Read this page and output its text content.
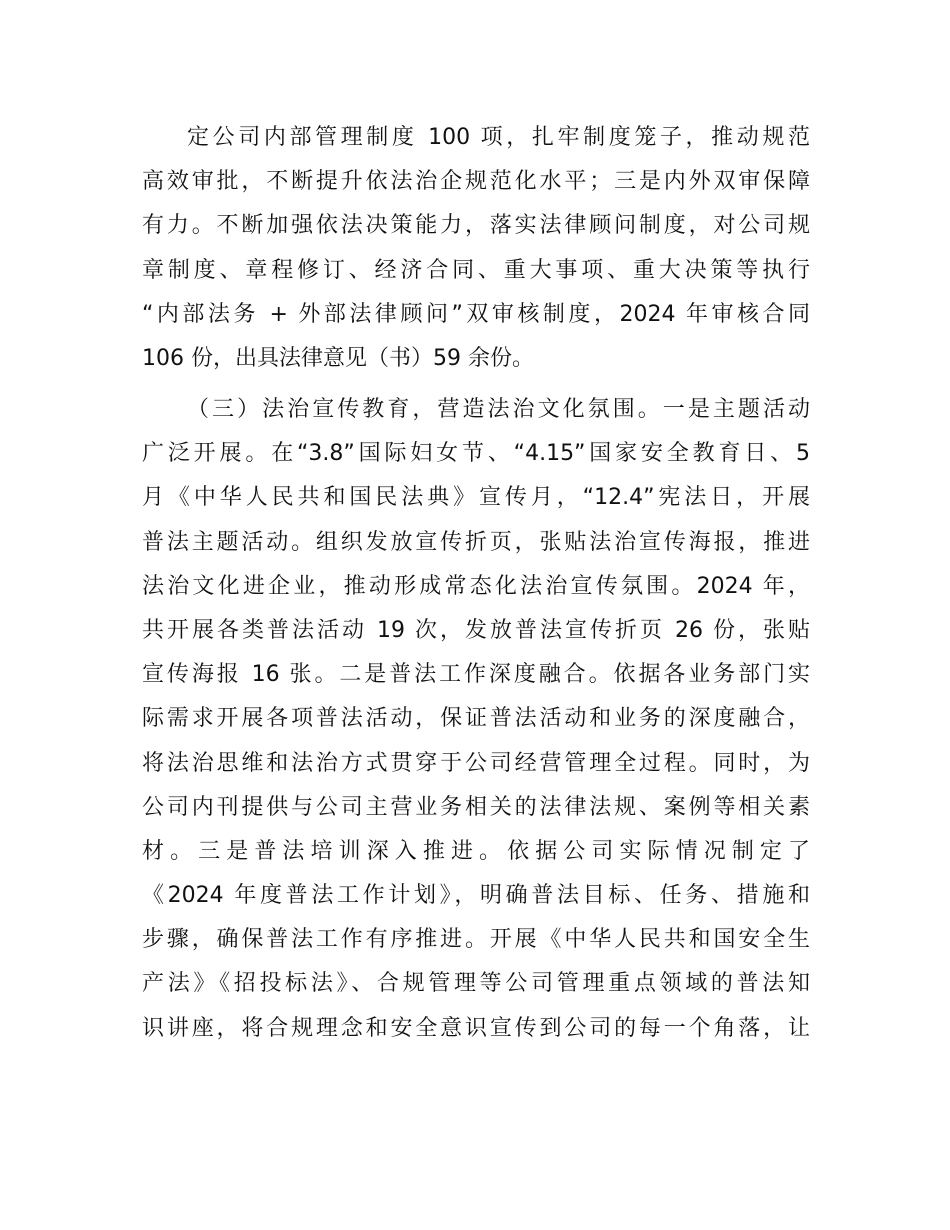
定公司内部管理制度 100 项，扎牢制度笼子，推动规范
高效审批，不断提升依法治企规范化水平；三是内外双审保障
有力。不断加强依法决策能力，落实法律顾问制度，对公司规
章制度、章程修订、经济合同、重大事项、重大决策等执行
“内部法务 + 外部法律顾问”双审核制度，2024 年审核合同
106 份，出具法律意见（书）59 余份。
（三）法治宣传教育，营造法治文化氛围。一是主题活动
广泛开展。在“3.8”国际妇女节、“4.15”国家安全教育日、5
月《中华人民共和国民法典》宣传月，“12.4”宪法日，开展
普法主题活动。组织发放宣传折页，张贴法治宣传海报，推进
法治文化进企业，推动形成常态化法治宣传氛围。2024 年，
共开展各类普法活动 19 次，发放普法宣传折页 26 份，张贴
宣传海报 16 张。二是普法工作深度融合。依据各业务部门实
际需求开展各项普法活动，保证普法活动和业务的深度融合，
将法治思维和法治方式贯穿于公司经营管理全过程。同时，为
公司内刊提供与公司主营业务相关的法律法规、案例等相关素
材。三是普法培训深入推进。依据公司实际情况制定了
《2024 年度普法工作计划》，明确普法目标、任务、措施和
步骤，确保普法工作有序推进。开展《中华人民共和国安全生
产法》《招投标法》、合规管理等公司管理重点领域的普法知
识讲座，将合规理念和安全意识宣传到公司的每一个角落，让
